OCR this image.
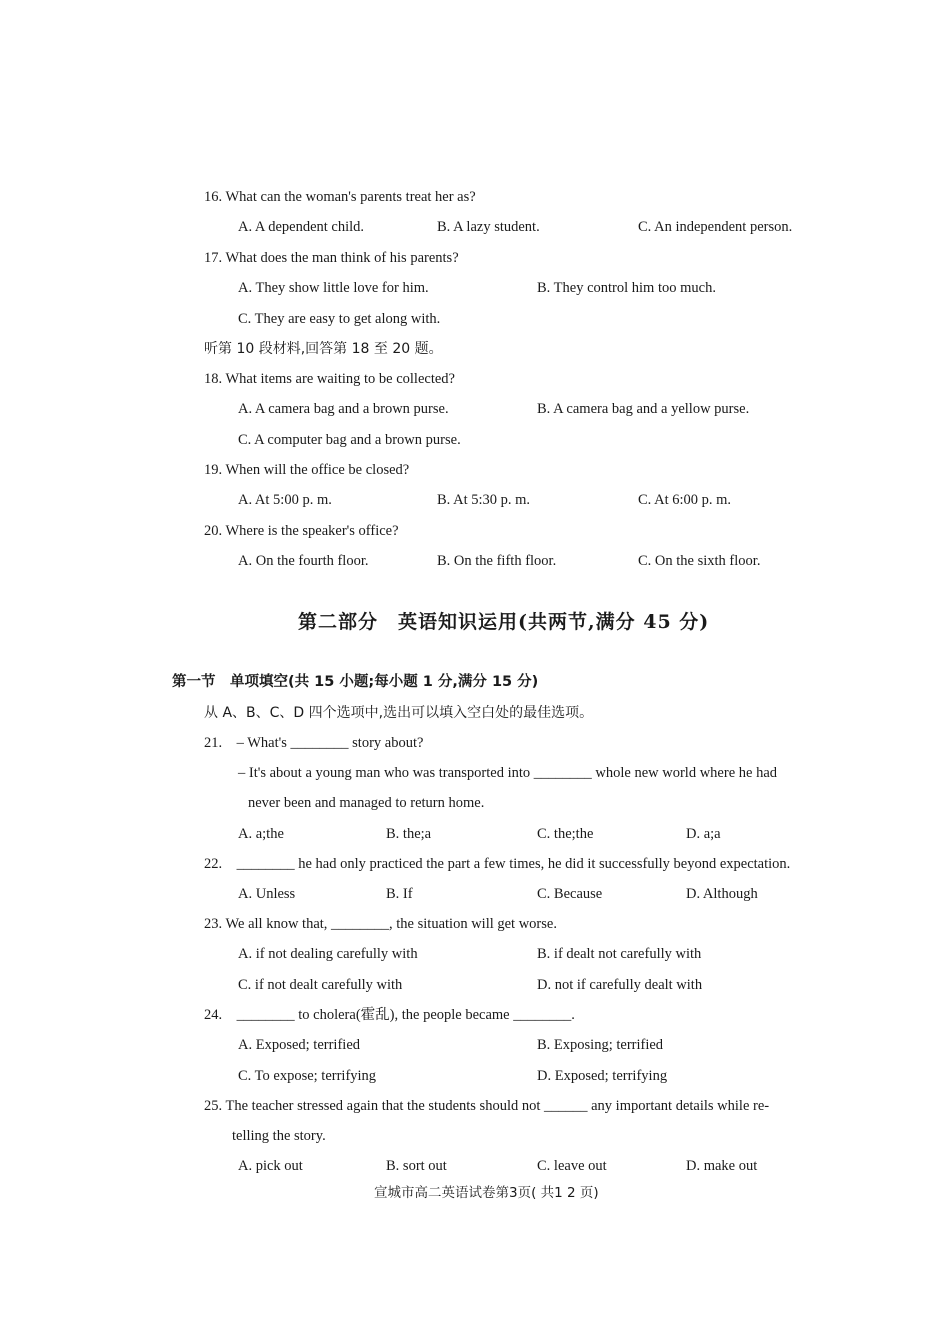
16. What can the woman's parents treat her as?
A. A dependent child.	B. A lazy student.	C. An independent person.
17. What does the man think of his parents?
A. They show little love for him.	B. They control him too much.
C. They are easy to get along with.
听第 10 段材料,回答第 18 至 20 题。
18. What items are waiting to be collected?
A. A camera bag and a brown purse.	B. A camera bag and a yellow purse.
C. A computer bag and a brown purse.
19. When will the office be closed?
A. At 5:00 p. m.	B. At 5:30 p. m.	C. At 6:00 p. m.
20. Where is the speaker's office?
A. On the fourth floor.	B. On the fifth floor.	C. On the sixth floor.
第二部分　英语知识运用(共两节,满分 45 分)
第一节　单项填空(共 15 小题;每小题 1 分,满分 15 分)
从 A、B、C、D 四个选项中,选出可以填入空白处的最佳选项。
21.　– What's ________ story about?
– It's about a young man who was transported into ________ whole new world where he had
never been and managed to return home.
A. a;the	B. the;a	C. the;the	D. a;a
22.　________ he had only practiced the part a few times, he did it successfully beyond expectation.
A. Unless	B. If	C. Because	D. Although
23. We all know that, ________, the situation will get worse.
A. if not dealing carefully with	B. if dealt not carefully with
C. if not dealt carefully with	D. not if carefully dealt with
24.　________ to cholera(霍乱), the people became ________.
A. Exposed; terrified	B. Exposing; terrified
C. To expose; terrifying	D. Exposed; terrifying
25. The teacher stressed again that the students should not ______ any important details while re-
telling the story.
A. pick out	B. sort out	C. leave out	D. make out
宣城市高二英语试卷第3页( 共1 2 页)
